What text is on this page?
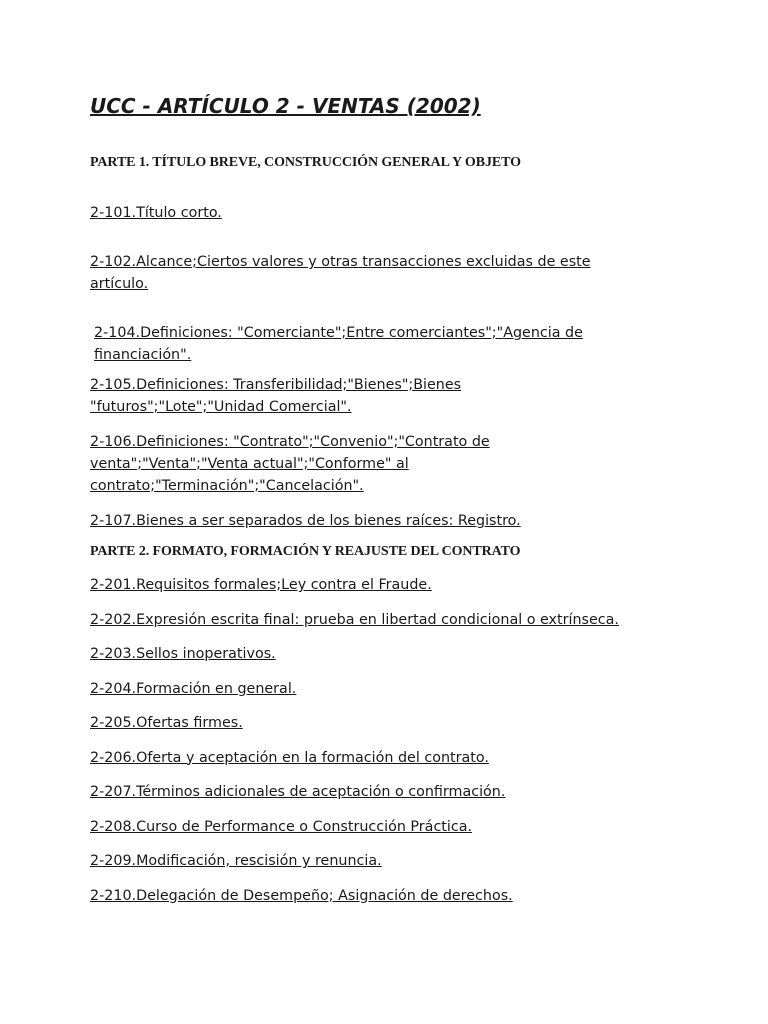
UCC - ARTÍCULO 2 - VENTAS (2002)

PARTE 1. TÍTULO BREVE, CONSTRUCCIÓN GENERAL Y OBJETO

2-101.Título corto.

2-102.Alcance;Ciertos valores y otras transacciones excluidas de este artículo.

2-104.Definiciones: "Comerciante";Entre comerciantes";"Agencia de financiación".

2-105.Definiciones: Transferibilidad;"Bienes";Bienes "futuros";"Lote";"Unidad Comercial".

2-106.Definiciones: "Contrato";"Convenio";"Contrato de venta";"Venta";"Venta actual";"Conforme" al contrato;"Terminación";"Cancelación".

2-107.Bienes a ser separados de los bienes raíces: Registro.

PARTE 2. FORMATO, FORMACIÓN Y REAJUSTE DEL CONTRATO

2-201.Requisitos formales;Ley contra el Fraude.

2-202.Expresión escrita final: prueba en libertad condicional o extrínseca.

2-203.Sellos inoperativos.

2-204.Formación en general.

2-205.Ofertas firmes.

2-206.Oferta y aceptación en la formación del contrato.

2-207.Términos adicionales de aceptación o confirmación.

2-208.Curso de Performance o Construcción Práctica.

2-209.Modificación, rescisión y renuncia.

2-210.Delegación de Desempeño; Asignación de derechos.
